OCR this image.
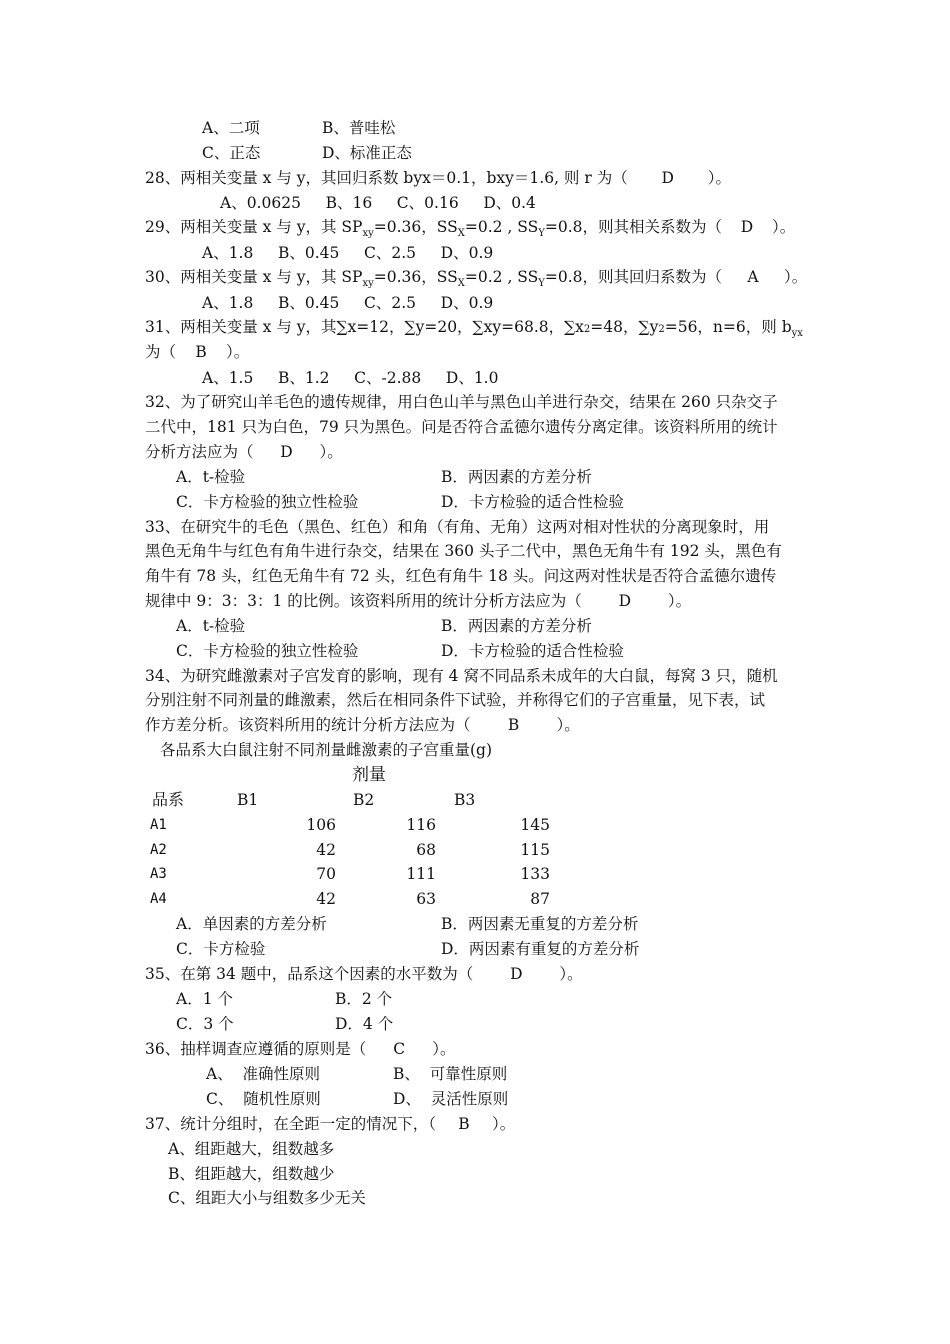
A、二项	B、普哇松
C、正态	D、标准正态
28、两相关变量 x 与 y，其回归系数 byx＝0.1，bxy＝1.6, 则 r 为（ D ）。
A、0.0625     B、16     C、0.16     D、0.4
29、两相关变量 x 与 y，其 $SP_{xy}=0.36$，$SS_X=0.2$ , $SS_Y=0.8$，则其相关系数为（ D ）。
A、1.8     B、0.45     C、2.5     D、0.9
30、两相关变量 x 与 y，其 $SP_{xy}=0.36$，$SS_X=0.2$ , $SS_Y=0.8$，则其回归系数为（ A ）。
A、1.8     B、0.45     C、2.5     D、0.9
31、两相关变量 x 与 y，其∑x=12，∑y=20，∑xy=68.8，∑x2=48，∑y2=56，n=6，则 $b_{yx}$
为（ B ）。
A、1.5     B、1.2     C、-2.88     D、1.0
32、为了研究山羊毛色的遗传规律，用白色山羊与黑色山羊进行杂交，结果在 260 只杂交子
二代中，181 只为白色，79 只为黑色。问是否符合孟德尔遗传分离定律。该资料所用的统计
分析方法应为（ D ）。
A．t-检验	B．两因素的方差分析
C．卡方检验的独立性检验	D．卡方检验的适合性检验
33、在研究牛的毛色（黑色、红色）和角（有角、无角）这两对相对性状的分离现象时，用
黑色无角牛与红色有角牛进行杂交，结果在 360 头子二代中，黑色无角牛有 192 头，黑色有
角牛有 78 头，红色无角牛有 72 头，红色有角牛 18 头。问这两对性状是否符合孟德尔遗传
规律中 9：3：3：1 的比例。该资料所用的统计分析方法应为（ D ）。
A．t-检验	B．两因素的方差分析
C．卡方检验的独立性检验	D．卡方检验的适合性检验
34、为研究雌激素对子宫发育的影响，现有 4 窝不同品系未成年的大白鼠，每窝 3 只，随机
分别注射不同剂量的雌激素，然后在相同条件下试验，并称得它们的子宫重量，见下表，试
作方差分析。该资料所用的统计分析方法应为（ B ）。
各品系大白鼠注射不同剂量雌激素的子宫重量(g)
剂量
品系	B1	B2	B3
A1	106	116	145
A2	42	68	115
A3	70	111	133
A4	42	63	87
A．单因素的方差分析	B．两因素无重复的方差分析
C．卡方检验	D．两因素有重复的方差分析
35、在第 34 题中，品系这个因素的水平数为（ D ）。
A．1 个	B．2 个
C．3 个	D．4 个
36、抽样调查应遵循的原则是（ C ）。
A、  准确性原则	B、  可靠性原则
C、  随机性原则	D、  灵活性原则
37、统计分组时，在全距一定的情况下，（ B ）。
A、组距越大，组数越多
B、组距越大，组数越少
C、组距大小与组数多少无关
